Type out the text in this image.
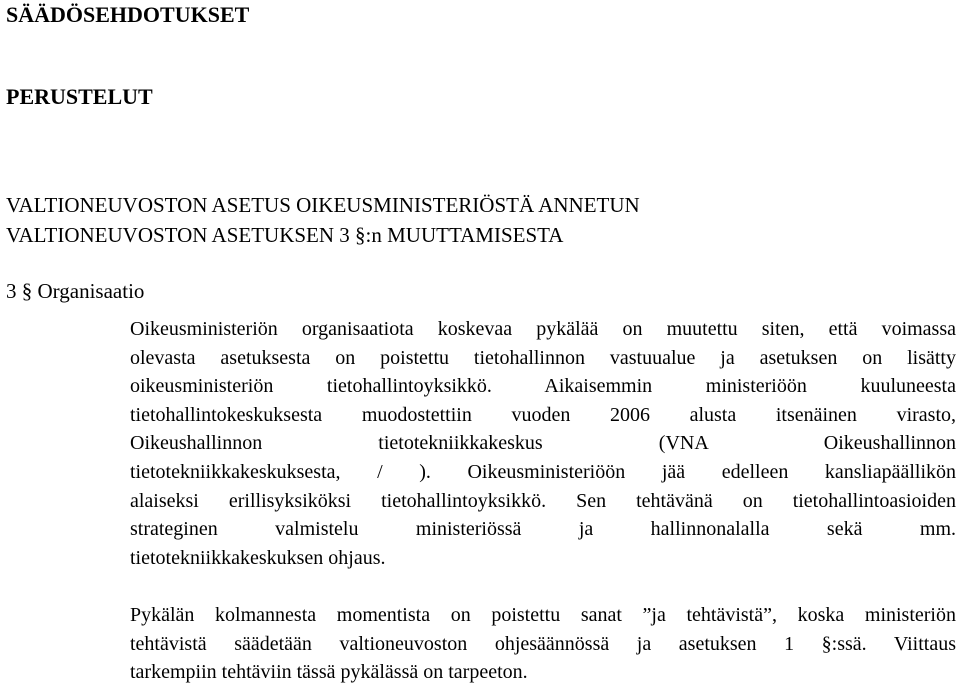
SÄÄDÖSEHDOTUKSET
PERUSTELUT
VALTIONEUVOSTON ASETUS OIKEUSMINISTERIÖSTÄ ANNETUN
VALTIONEUVOSTON ASETUKSEN 3 §:n MUUTTAMISESTA
3 § Organisaatio
Oikeusministeriön organisaatiota koskevaa pykälää on muutettu siten, että voimassa
olevasta asetuksesta on poistettu tietohallinnon vastuualue ja asetuksen on lisätty
oikeusministeriön tietohallintoyksikkö. Aikaisemmin ministeriöön kuuluneesta
tietohallintokeskuksesta muodostettiin vuoden 2006 alusta itsenäinen virasto,
Oikeushallinnon tietotekniikkakeskus (VNA Oikeushallinnon
tietotekniikkakeskuksesta, / ). Oikeusministeriöön jää edelleen kansliapäällikön
alaiseksi erillisyksiköksi tietohallintoyksikkö. Sen tehtävänä on tietohallintoasioiden
strateginen valmistelu ministeriössä ja hallinnonalalla sekä mm.
tietotekniikkakeskuksen ohjaus.
Pykälän kolmannesta momentista on poistettu sanat ”ja tehtävistä”, koska ministeriön
tehtävistä säädetään valtioneuvoston ohjesäännössä ja asetuksen 1 §:ssä. Viittaus
tarkempiin tehtäviin tässä pykälässä on tarpeeton.
